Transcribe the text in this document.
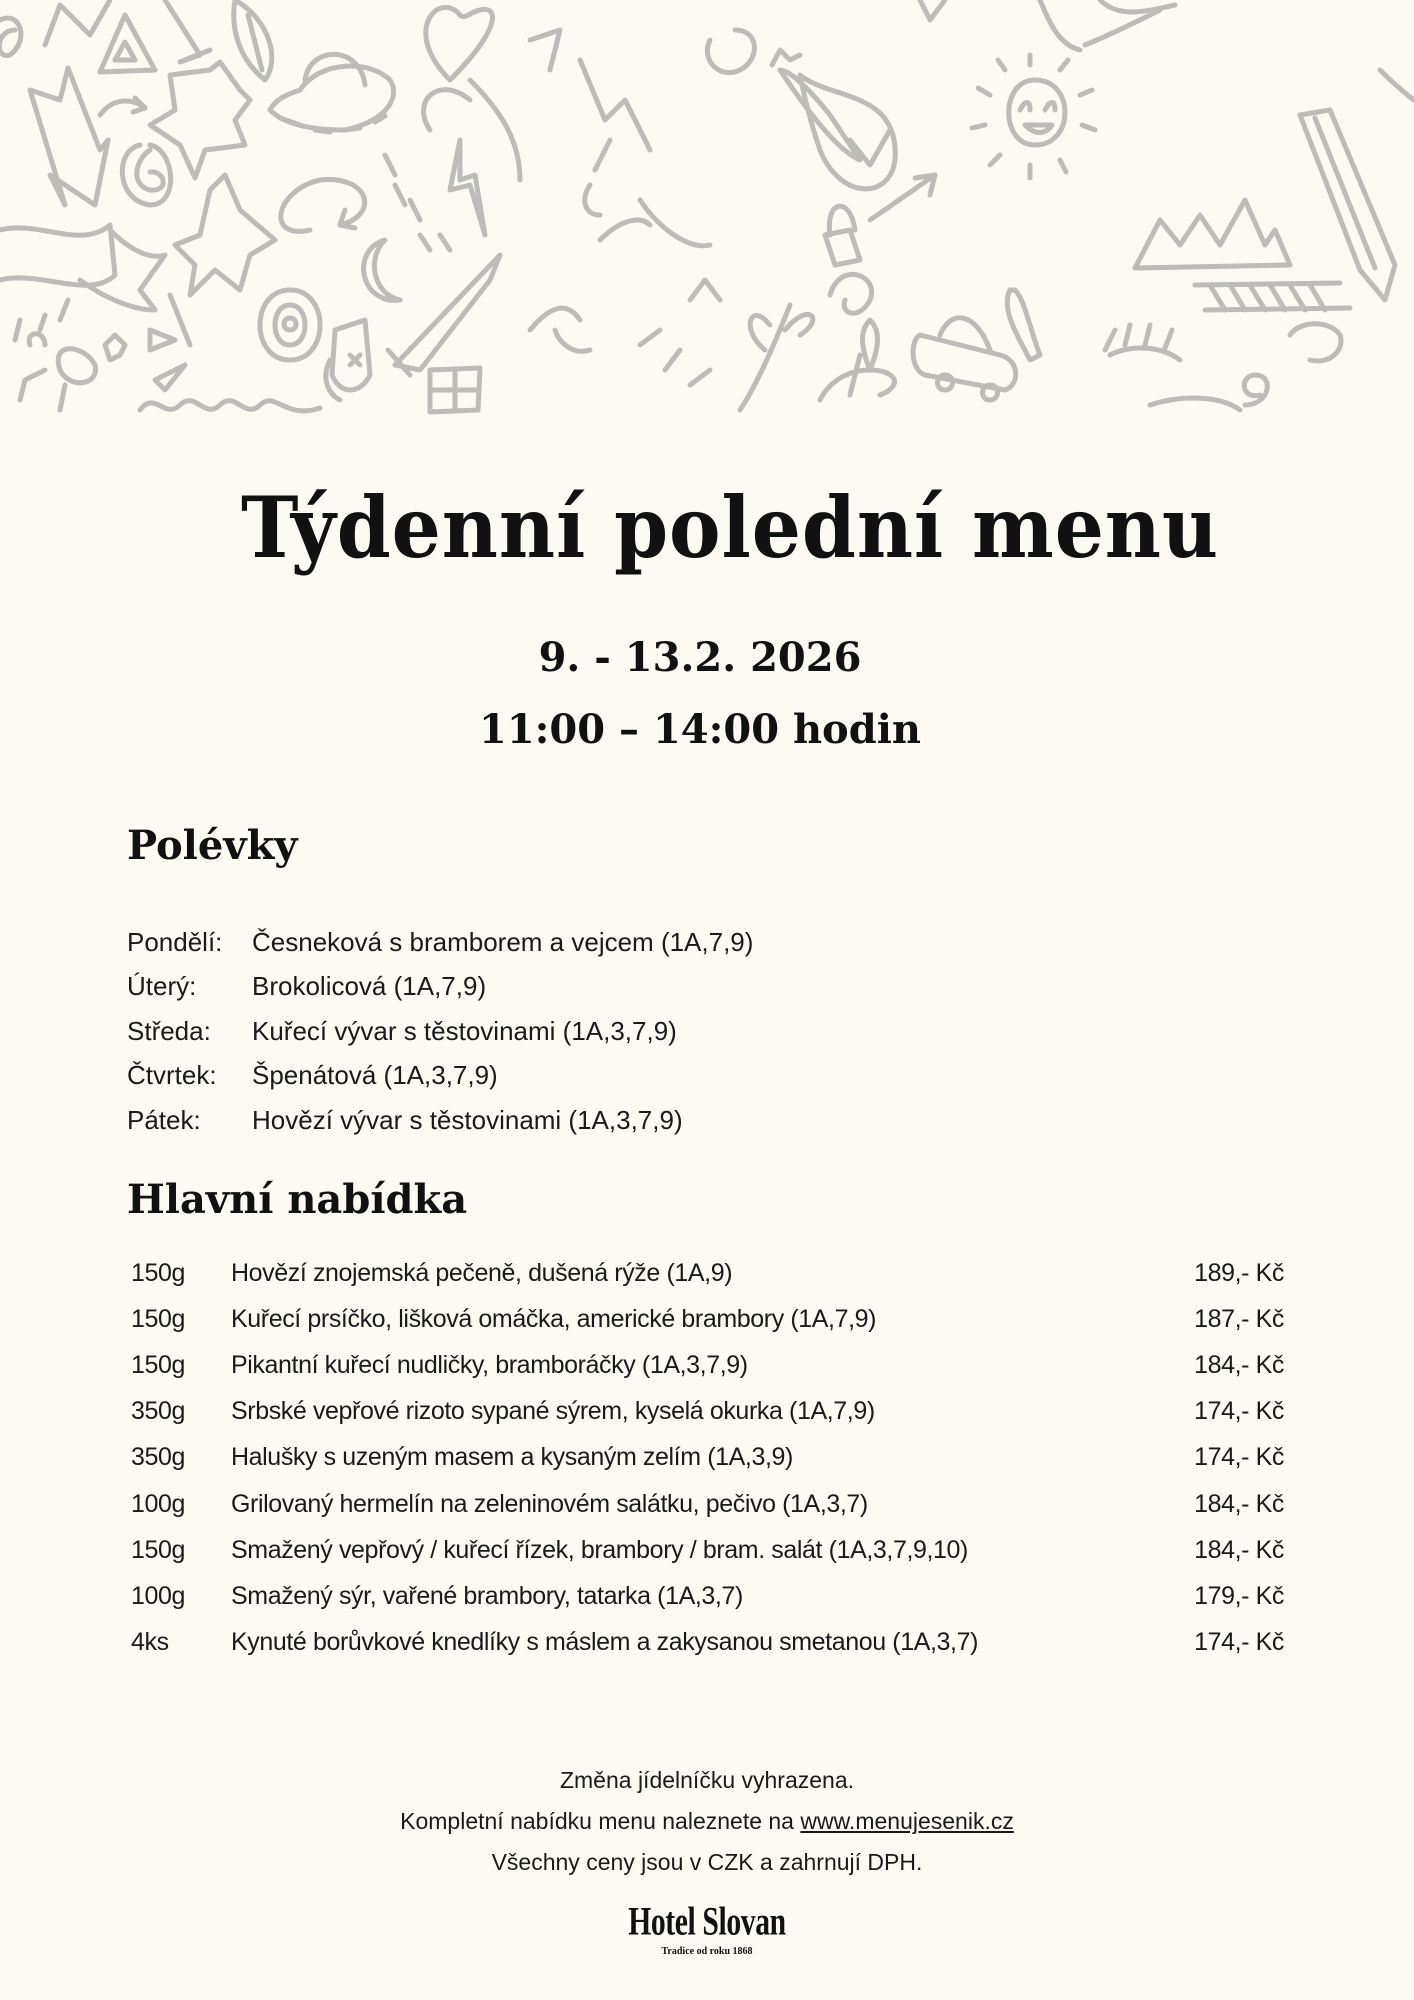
Týdenní polední menu
9. - 13.2. 2026
11:00 – 14:00 hodin
Polévky
Pondělí:	Česneková s bramborem a vejcem (1A,7,9)
Úterý:	Brokolicová (1A,7,9)
Středa:	Kuřecí vývar s těstovinami (1A,3,7,9)
Čtvrtek:	Špenátová (1A,3,7,9)
Pátek:	Hovězí vývar s těstovinami (1A,3,7,9)
Hlavní nabídka
150g	Hovězí znojemská pečeně, dušená rýže (1A,9)	189,- Kč
150g	Kuřecí prsíčko, lišková omáčka, americké brambory (1A,7,9)	187,- Kč
150g	Pikantní kuřecí nudličky, bramboráčky (1A,3,7,9)	184,- Kč
350g	Srbské vepřové rizoto sypané sýrem, kyselá okurka (1A,7,9)	174,- Kč
350g	Halušky s uzeným masem a kysaným zelím (1A,3,9)	174,- Kč
100g	Grilovaný hermelín na zeleninovém salátku, pečivo (1A,3,7)	184,- Kč
150g	Smažený vepřový / kuřecí řízek, brambory / bram. salát (1A,3,7,9,10)	184,- Kč
100g	Smažený sýr, vařené brambory, tatarka (1A,3,7)	179,- Kč
4ks	Kynuté borůvkové knedlíky s máslem a zakysanou smetanou (1A,3,7)	174,- Kč
Změna jídelníčku vyhrazena.
Kompletní nabídku menu naleznete na www.menujesenik.cz
Všechny ceny jsou v CZK a zahrnují DPH.
Hotel Slovan
Tradice od roku 1868
